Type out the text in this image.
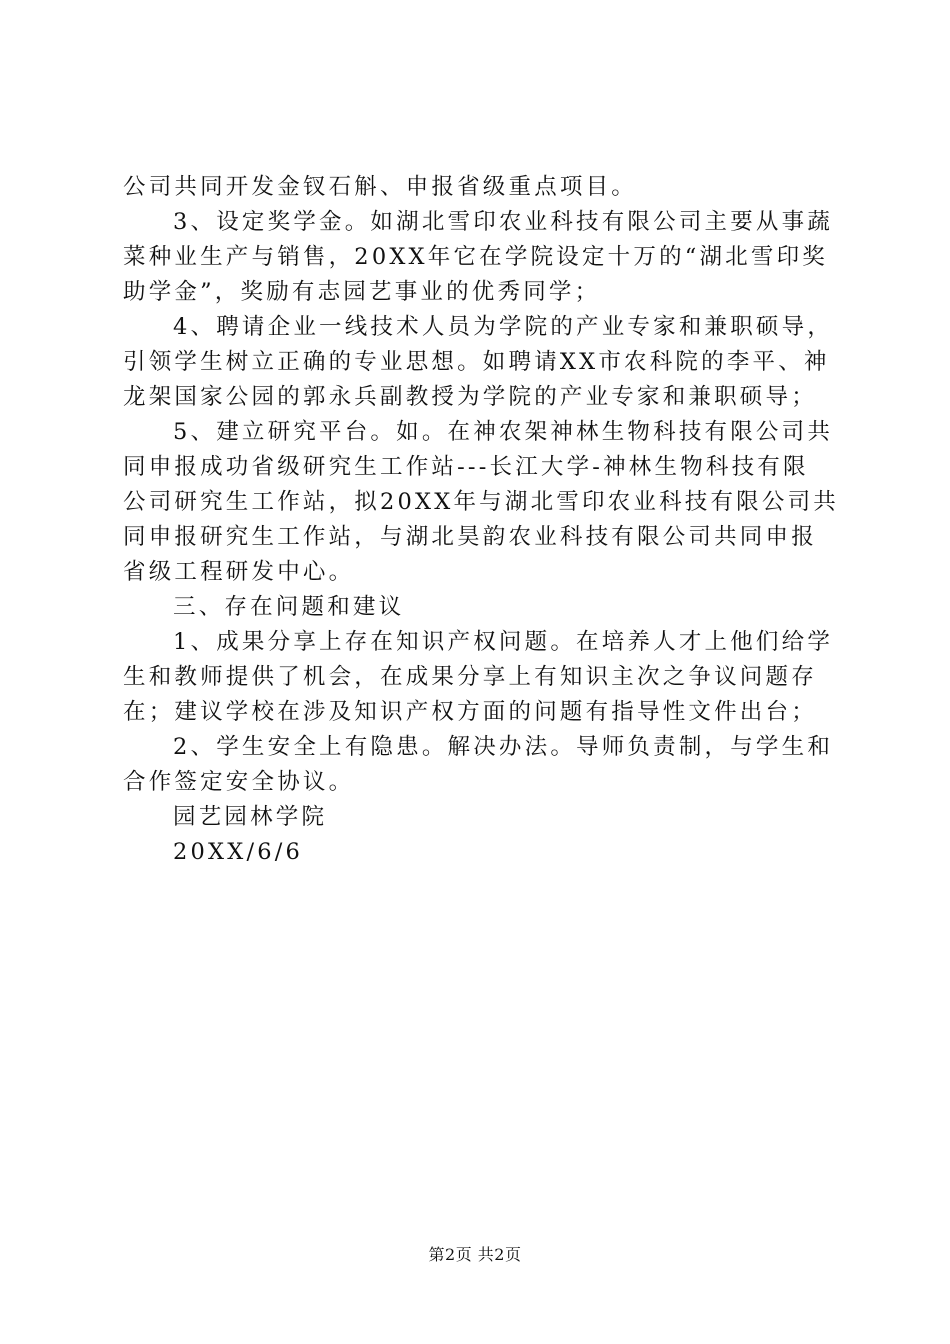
公司共同开发金钗石斛、申报省级重点项目。
3、设定奖学金。如湖北雪印农业科技有限公司主要从事蔬
菜种业生产与销售，20XX年它在学院设定十万的“湖北雪印奖
助学金”，奖励有志园艺事业的优秀同学；
4、聘请企业一线技术人员为学院的产业专家和兼职硕导，
引领学生树立正确的专业思想。如聘请XX市农科院的李平、神
龙架国家公园的郭永兵副教授为学院的产业专家和兼职硕导；
5、建立研究平台。如。在神农架神林生物科技有限公司共
同申报成功省级研究生工作站---长江大学-神林生物科技有限
公司研究生工作站，拟20XX年与湖北雪印农业科技有限公司共
同申报研究生工作站，与湖北昊韵农业科技有限公司共同申报
省级工程研发中心。
三、存在问题和建议
1、成果分享上存在知识产权问题。在培养人才上他们给学
生和教师提供了机会，在成果分享上有知识主次之争议问题存
在；建议学校在涉及知识产权方面的问题有指导性文件出台；
2、学生安全上有隐患。解决办法。导师负责制，与学生和
合作签定安全协议。
园艺园林学院
20XX/6/6
第2页 共2页
